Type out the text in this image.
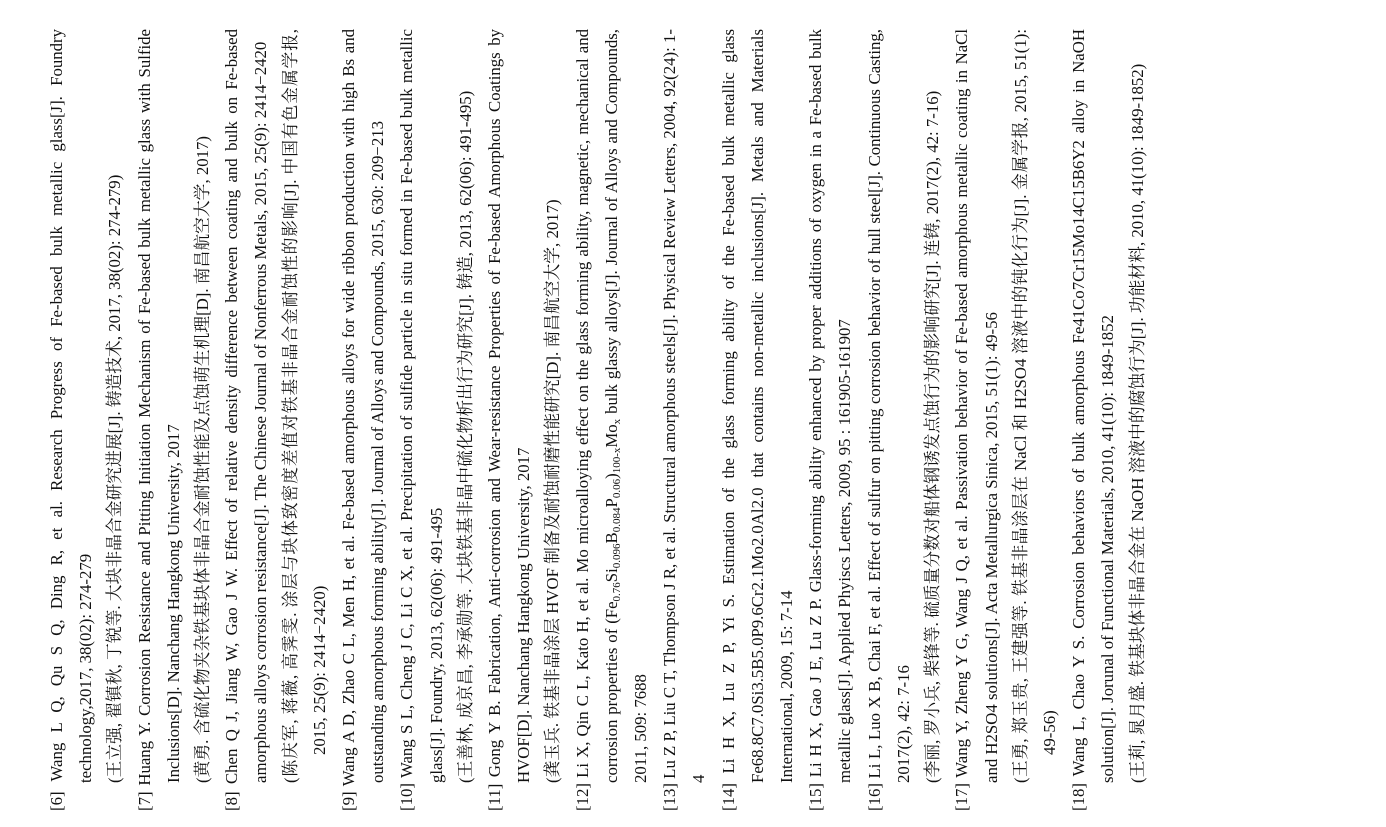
[6] Wang L Q, Qu S Q, Ding R, et al. Research Progress of Fe-based bulk metallic glass[J]. Foundry technology,2017, 38(02): 274-279 (王立强, 翟镇秋, 丁锐等. 大块非晶合金研究进展[J]. 铸造技术, 2017, 38(02): 274-279)
[7] Huang Y. Corrosion Resistance and Pitting Initiation Mechanism of Fe-based bulk metallic glass with Sulfide Inclusions[D]. Nanchang Hangkong University, 2017 (黄勇. 含硫化物夹杂铁基块体非晶合金耐蚀性能及点蚀萌生机理[D]. 南昌航空大学, 2017)
[8] Chen Q J, Jiang W, Gao J W. Effect of relative density difference between coating and bulk on Fe-based amorphous alloys corrosion resistance[J]. The Chinese Journal of Nonferrous Metals, 2015, 25(9): 2414−2420 (陈庆军, 蒋薇, 高霁雯. 涂层与块体致密度差值对铁基非晶合金耐蚀性的影响[J]. 中国有色金属学报, 2015, 25(9): 2414−2420)
[9] Wang A D, Zhao C L, Men H, et al. Fe-based amorphous alloys for wide ribbon production with high Bs and outstanding amorphous forming ability[J]. Journal of Alloys and Compounds, 2015, 630: 209−213
[10] Wang S L, Cheng J C, Li C X, et al. Precipitation of sulfide particle in situ formed in Fe-based bulk metallic glass[J]. Foundry, 2013, 62(06): 491-495 (王善林, 成京昌, 李承勋等. 大块铁基非晶中硫化物析出行为研究[J]. 铸造, 2013, 62(06): 491-495)
[11] Gong Y B. Fabrication, Anti-corrosion and Wear-resistance Properties of Fe-based Amorphous Coatings by HVOF[D]. Nanchang Hangkong University, 2017 (龚玉兵. 铁基非晶涂层 HVOF 制备及耐蚀耐磨性能研究[D]. 南昌航空大学, 2017)
[12] Li X, Qin C L, Kato H, et al. Mo microalloying effect on the glass forming ability, magnetic, mechanical and corrosion properties of $(Fe_{0.76}Si_{0.096}B_{0.084}P_{0.06})_{100-x}Mo_x$ bulk glassy alloys[J]. Journal of Alloys and Compounds, 2011, 509: 7688
[13] Lu Z P, Liu C T, Thompson J R, et al. Structural amorphous steels[J]. Physical Review Letters, 2004, 92(24): 1-4
[14] Li H X, Lu Z P, Yi S. Estimation of the glass forming ability of the Fe-based bulk metallic glass Fe68.8C7.0Si3.5B5.0P9.6Cr2.1Mo2.0Al2.0 that contains non-metallic inclusions[J]. Metals and Materials International, 2009, 15: 7-14
[15] Li H X, Gao J E, Lu Z P. Glass-forming ability enhanced by proper additions of oxygen in a Fe-based bulk metallic glass[J]. Applied Phyiscs Letters, 2009, 95 : 161905-161907
[16] Li L, Luo X B, Chai F, et al. Effect of sulfur on pitting corrosion behavior of hull steel[J]. Continuous Casting, 2017(2), 42: 7-16 (李丽, 罗小兵, 柴锋等. 硫质量分数对船体钢诱发点蚀行为的影响研究[J]. 连铸, 2017(2), 42: 7-16)
[17] Wang Y, Zheng Y G, Wang J Q, et al. Passivation behavior of Fe-based amorphous metallic coating in NaCl and H2SO4 solutions[J]. Acta Metallurgica Sinica, 2015, 51(1): 49-56 (王勇, 郑玉贵, 王建强等. 铁基非晶涂层在 NaCl 和 H2SO4 溶液中的钝化行为[J]. 金属学报, 2015, 51(1): 49-56)
[18] Wang L, Chao Y S. Corrosion behaviors of bulk amorphous Fe41Co7Cr15Mo14C15B6Y2 alloy in NaOH solution[J]. Jorunal of Functional Materials, 2010, 41(10): 1849-1852 (王莉, 晁月盛. 铁基块体非晶合金在 NaOH 溶液中的腐蚀行为[J]. 功能材料, 2010, 41(10): 1849-1852)
